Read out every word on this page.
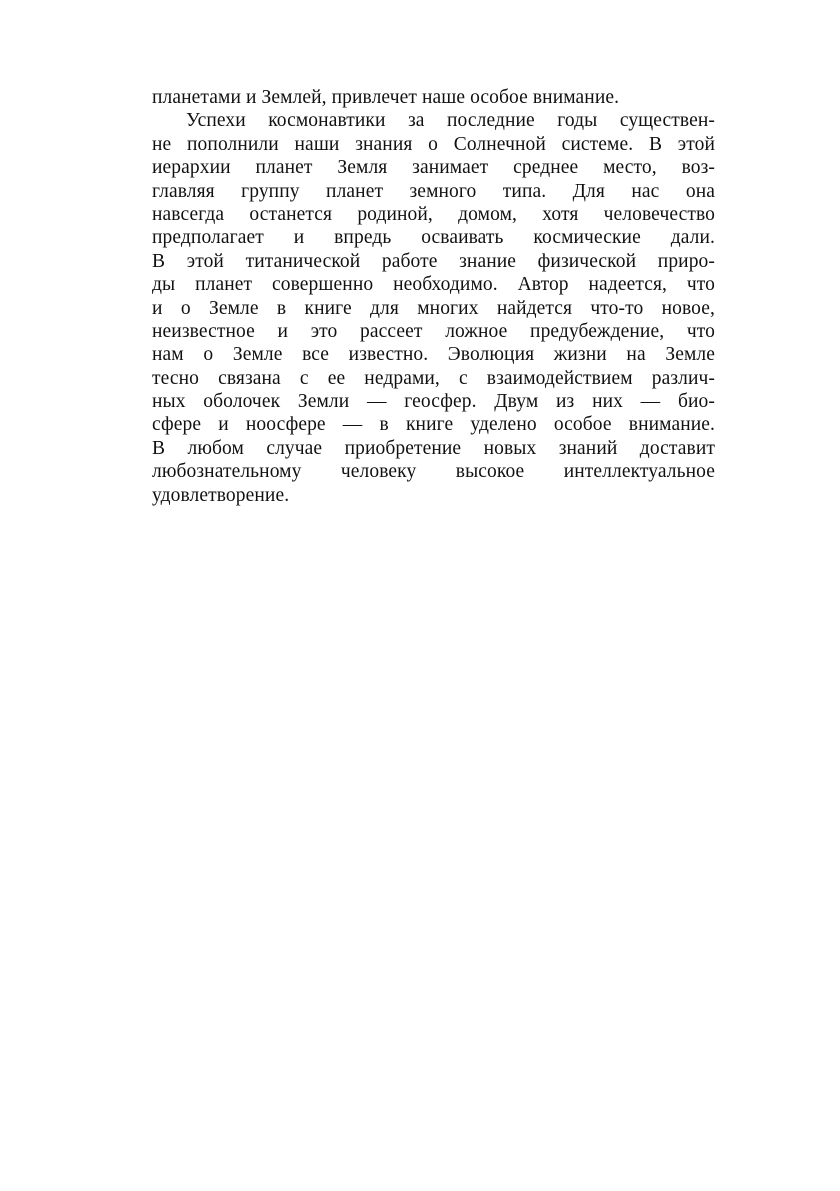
планетами и Землей, привлечет наше особое внимание.
Успехи космонавтики за последние годы существен-
не пополнили наши знания о Солнечной системе. В этой
иерархии планет Земля занимает среднее место, воз-
главляя группу планет земного типа. Для нас она
навсегда останется родиной, домом, хотя человечество
предполагает и впредь осваивать космические дали.
В этой титанической работе знание физической приро-
ды планет совершенно необходимо. Автор надеется, что
и о Земле в книге для многих найдется что-то новое,
неизвестное и это рассеет ложное предубеждение, что
нам о Земле все известно. Эволюция жизни на Земле
тесно связана с ее недрами, с взаимодействием различ-
ных оболочек Земли — геосфер. Двум из них — био-
сфере и ноосфере — в книге уделено особое внимание.
В любом случае приобретение новых знаний доставит
любознательному человеку высокое интеллектуальное
удовлетворение.
